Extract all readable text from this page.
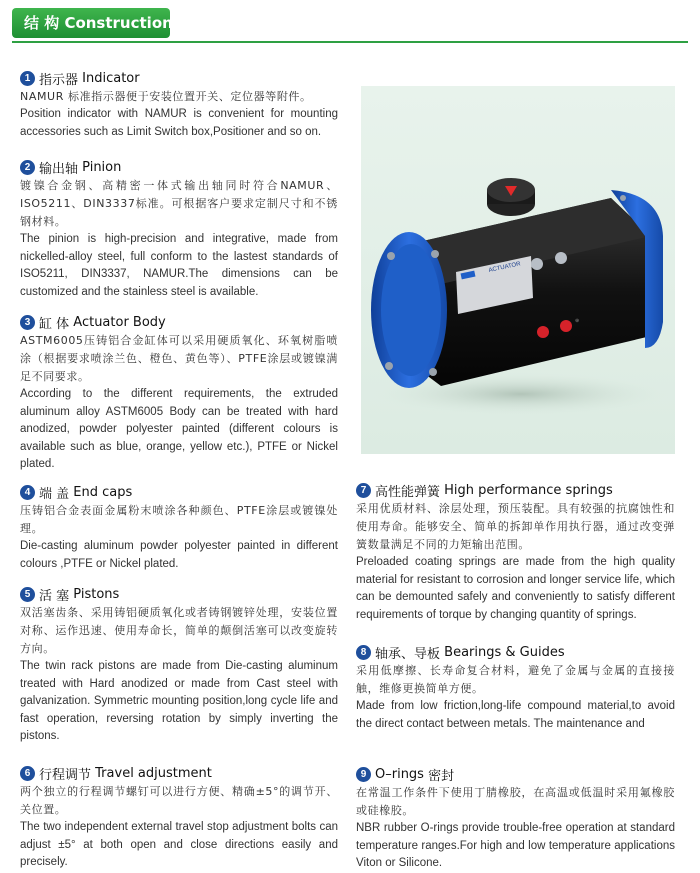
结 构 Construction
1 指示器
Indicator

NAMUR 标准指示器便于安装位置开关、定位器等附件。

Position indicator with NAMUR is convenient for mounting accessories such as Limit Switch box,Positioner and so on.

2 输出轴
Pinion

镀镍合金钢、高精密一体式输出轴同时符合NAMUR、ISO5211、DIN3337标准。可根据客户要求定制尺寸和不锈钢材料。

The pinion is high-precision and integrative, made from nickelled-alloy steel, full conform to the lastest standards of ISO5211, DIN3337, NAMUR.The dimensions can be customized and the stainless steel is available.

3 缸 体
Actuator Body

ASTM6005压铸铝合金缸体可以采用硬质氧化、环氧树脂喷涂（根据要求喷涂兰色、橙色、黄色等）、PTFE涂层或镀镍满足不同要求。

According to the different requirements, the extruded aluminum alloy ASTM6005 Body can be treated with hard anodized, powder polyester painted (different colours is available such as blue, orange, yellow etc.), PTFE or Nickel plated.

4 端 盖
End caps

压铸铝合金表面金属粉末喷涂各种颜色、PTFE涂层或镀镍处理。

Die-casting aluminum powder polyester painted in different colours ,PTFE or Nickel plated.

5 活 塞
Pistons

双活塞齿条、采用铸铝硬质氧化或者铸钢镀锌处理，安装位置对称、运作迅速、使用寿命长，简单的颠倒活塞可以改变旋转方向。

The twin rack pistons are made from Die-casting aluminum treated with Hard anodized or made from Cast steel with galvanization. Symmetric mounting position,long cycle life and fast operation, reversing rotation by simply inverting the pistons.

6 行程调节
Travel adjustment

两个独立的行程调节螺钉可以进行方便、精确±5°的调节开、关位置。

The two independent external travel stop adjustment bolts can adjust ±5° at both open and close directions easily and precisely.

7 高性能弹簧
High performance springs

采用优质材料、涂层处理，预压装配。具有较强的抗腐蚀性和使用寿命。能够安全、简单的拆卸单作用执行器，通过改变弹簧数量满足不同的力矩输出范围。

Preloaded coating springs are made from the high quality material for resistant to corrosion and longer service life, which can be demounted safely and conveniently to satisfy different requirements of torque by changing quantity of springs.

8 轴承、导板
Bearings & Guides

采用低摩擦、长寿命复合材料，避免了金属与金属的直接接触，维修更换简单方便。

Made from low friction,long-life compound material,to avoid the direct contact between metals. The maintenance and

9 O–rings
密封

在常温工作条件下使用丁腈橡胶，在高温或低温时采用氟橡胶或硅橡胶。

NBR rubber O-rings provide trouble-free operation at standard temperature ranges.For high and low temperature applications Viton or Silicone.

ACTUATOR
⊕
